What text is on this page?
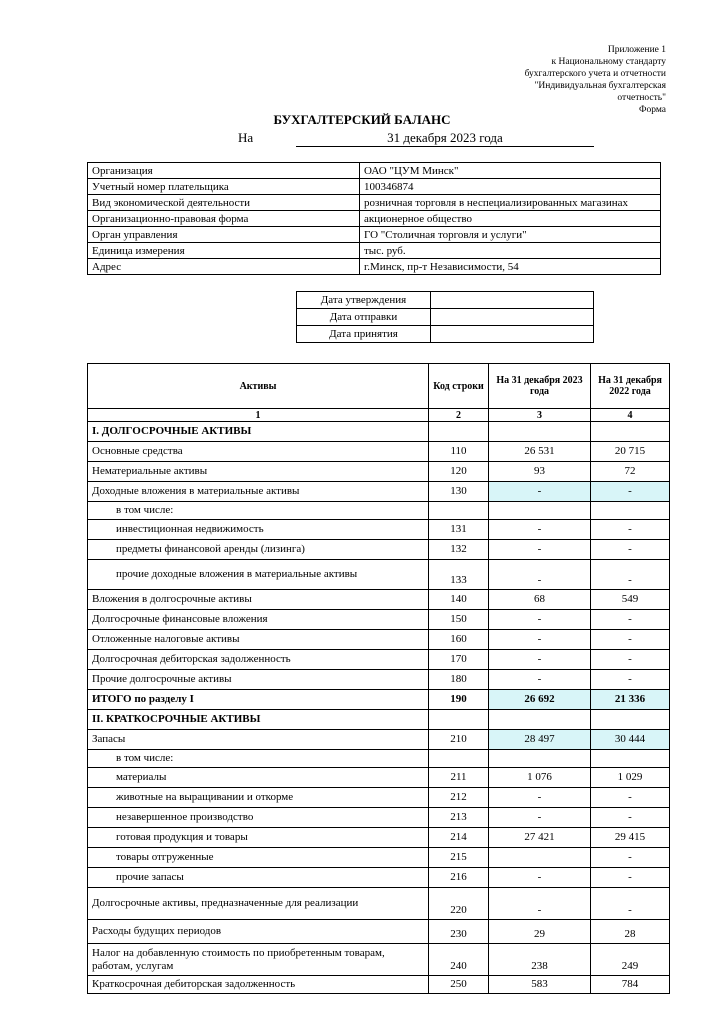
Приложение 1
к Национальному стандарту
бухгалтерского учета и отчетности
"Индивидуальная бухгалтерская
отчетность"
Форма
БУХГАЛТЕРСКИЙ БАЛАНС
На	31 декабря 2023 года
Организация	ОАО "ЦУМ Минск"
Учетный номер плательщика	100346874
Вид экономической деятельности	розничная торговля в неспециализированных магазинах
Организационно-правовая форма	акционерное общество
Орган управления	ГО "Столичная торговля и услуги"
Единица измерения	тыс. руб.
Адрес	г.Минск, пр-т Независимости, 54
Дата утверждения	
Дата отправки	
Дата принятия	
Активы	Код строки	На 31 декабря 2023 года	На 31 декабря 2022 года
1	2	3	4
I. ДОЛГОСРОЧНЫЕ АКТИВЫ			
Основные средства	110	26 531	20 715
Нематериальные активы	120	93	72
Доходные вложения в материальные активы	130	-	-
в том числе:			
инвестиционная недвижимость	131	-	-
предметы финансовой аренды (лизинга)	132	-	-
прочие доходные вложения в материальные активы	133	-	-
Вложения в долгосрочные активы	140	68	549
Долгосрочные финансовые вложения	150	-	-
Отложенные налоговые активы	160	-	-
Долгосрочная дебиторская задолженность	170	-	-
Прочие долгосрочные активы	180	-	-
ИТОГО по разделу I	190	26 692	21 336
II. КРАТКОСРОЧНЫЕ АКТИВЫ			
Запасы	210	28 497	30 444
в том числе:			
материалы	211	1 076	1 029
животные на выращивании и откорме	212	-	-
незавершенное производство	213	-	-
готовая продукция и товары	214	27 421	29 415
товары отгруженные	215		-
прочие запасы	216	-	-
Долгосрочные активы, предназначенные для реализации	220	-	-
Расходы будущих периодов	230	29	28
Налог на добавленную стоимость по приобретенным товарам, работам, услугам	240	238	249
Краткосрочная дебиторская задолженность	250	583	784
